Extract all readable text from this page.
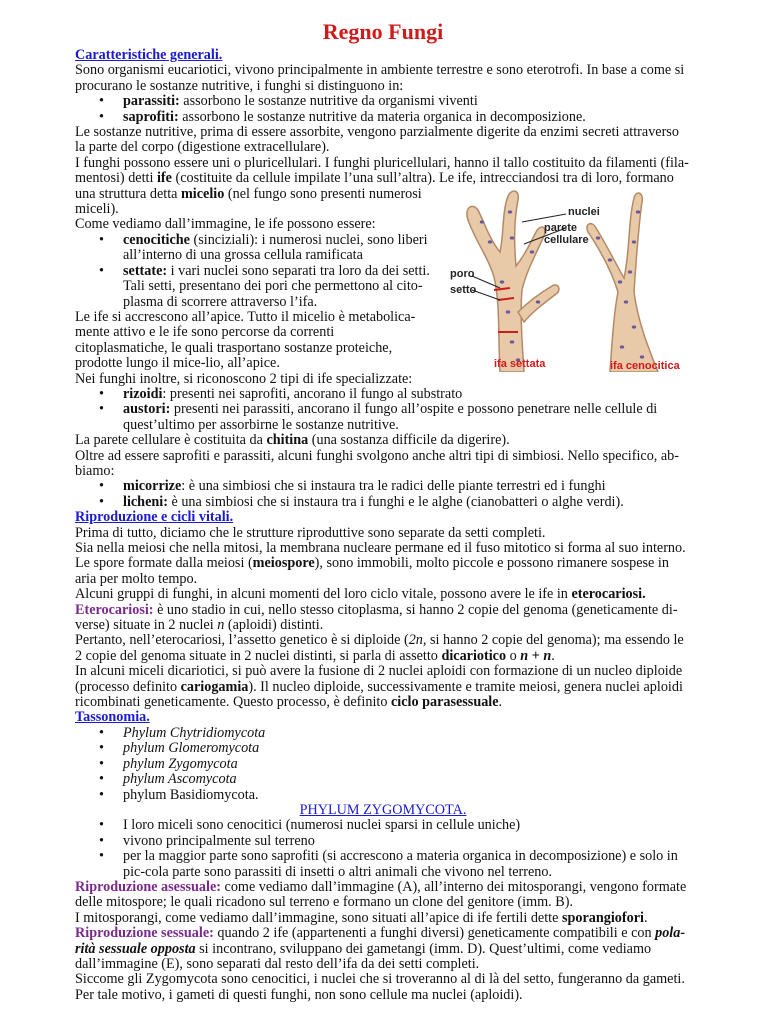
Regno Fungi

Caratteristiche generali.

Sono organismi eucariotici, vivono principalmente in ambiente terrestre e sono eterotrofi. In base a come si procurano le sostanze nutritive, i funghi si distinguono in:

• parassiti: assorbono le sostanze nutritive da organismi viventi
• saprofiti: assorbono le sostanze nutritive da materia organica in decomposizione.

Le sostanze nutritive, prima di essere assorbite, vengono parzialmente digerite da enzimi secreti attraverso la parte del corpo (digestione extracellulare).

I funghi possono essere uni o pluricellulari. I funghi pluricellulari, hanno il tallo costituito da filamenti (fila-mentosi) detti ife (costituite da cellule impilate l’una sull’altra). Le ife, intrecciandosi tra di loro, formano

una struttura detta micelio (nel fungo sono presenti numerosi miceli).

Come vediamo dall’immagine, le ife possono essere:

• cenocitiche (sinciziali): i numerosi nuclei, sono liberi all’interno di una grossa cellula ramificata
• settate: i vari nuclei sono separati tra loro da dei setti. Tali setti, presentano dei pori che permettono al cito-plasma di scorrere attraverso l’ifa.

Le ife si accrescono all’apice. Tutto il micelio è metabolica-mente attivo e le ife sono percorse da correnti citoplasmatiche, le quali trasportano sostanze proteiche, prodotte lungo il mice-lio, all’apice.

Nei funghi inoltre, si riconoscono 2 tipi di ife specializzate:

• rizoidi: presenti nei saprofiti, ancorano il fungo al substrato
• austori: presenti nei parassiti, ancorano il fungo all’ospite e possono penetrare nelle cellule di quest’ultimo per assorbirne le sostanze nutritive.

La parete cellulare è costituita da chitina (una sostanza difficile da digerire).

Oltre ad essere saprofiti e parassiti, alcuni funghi svolgono anche altri tipi di simbiosi. Nello specifico, ab-biamo:

• micorrize: è una simbiosi che si instaura tra le radici delle piante terrestri ed i funghi
• licheni: è una simbiosi che si instaura tra i funghi e le alghe (cianobatteri o alghe verdi).

Riproduzione e cicli vitali.

Prima di tutto, diciamo che le strutture riproduttive sono separate da setti completi.

Sia nella meiosi che nella mitosi, la membrana nucleare permane ed il fuso mitotico si forma al suo interno.

Le spore formate dalla meiosi (meiospore), sono immobili, molto piccole e possono rimanere sospese in aria per molto tempo.

Alcuni gruppi di funghi, in alcuni momenti del loro ciclo vitale, possono avere le ife in eterocariosi.

Eterocariosi: è uno stadio in cui, nello stesso citoplasma, si hanno 2 copie del genoma (geneticamente di-verse) situate in 2 nuclei n (aploidi) distinti.

Pertanto, nell’eterocariosi, l’assetto genetico è si diploide (2n, si hanno 2 copie del genoma); ma essendo le 2 copie del genoma situate in 2 nuclei distinti, si parla di assetto dicariotico o n + n.

In alcuni miceli dicariotici, si può avere la fusione di 2 nuclei aploidi con formazione di un nucleo diploide (processo definito cariogamia). Il nucleo diploide, successivamente e tramite meiosi, genera nuclei aploidi ricombinati geneticamente. Questo processo, è definito ciclo parasessuale.

Tassonomia.

• Phylum Chytridiomycota
• phylum Glomeromycota
• phylum Zygomycota
• phylum Ascomycota
• phylum Basidiomycota.

PHYLUM ZYGOMYCOTA.

• I loro miceli sono cenocitici (numerosi nuclei sparsi in cellule uniche)
• vivono principalmente sul terreno
• per la maggior parte sono saprofiti (si accrescono a materia organica in decomposizione) e solo in pic-cola parte sono parassiti di insetti o altri animali che vivono nel terreno.

Riproduzione asessuale: come vediamo dall’immagine (A), all’interno dei mitosporangi, vengono formate delle mitospore; le quali ricadono sul terreno e formano un clone del genitore (imm. B).

I mitosporangi, come vediamo dall’immagine, sono situati all’apice di ife fertili dette sporangiofori.

Riproduzione sessuale: quando 2 ife (appartenenti a funghi diversi) geneticamente compatibili e con pola-rità sessuale opposta si incontrano, sviluppano dei gametangi (imm. D). Quest’ultimi, come vediamo dall’immagine (E), sono separati dal resto dell’ifa da dei setti completi.

Siccome gli Zygomycota sono cenocitici, i nuclei che si troveranno al di là del setto, fungeranno da gameti.

Per tale motivo, i gameti di questi funghi, non sono cellule ma nuclei (aploidi).

nuclei
parete cellulare
poro
setto
ifa settata	ifa cenocitica
